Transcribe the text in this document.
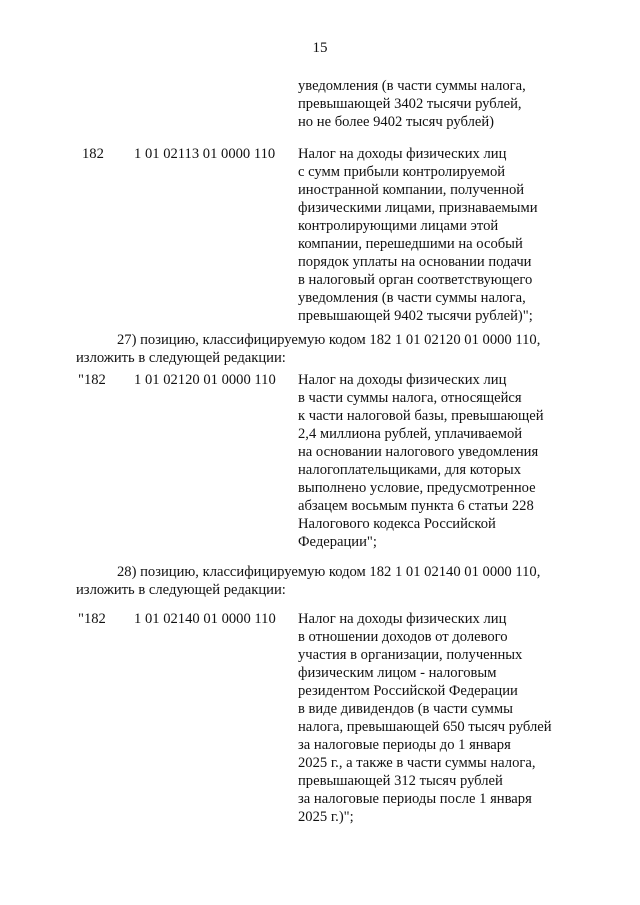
15
уведомления (в части суммы налога,
превышающей 3402 тысячи рублей,
но не более 9402 тысяч рублей)
182 1 01 02113 01 0000 110 Налог на доходы физических лиц
с сумм прибыли контролируемой
иностранной компании, полученной
физическими лицами, признаваемыми
контролирующими лицами этой
компании, перешедшими на особый
порядок уплаты на основании подачи
в налоговый орган соответствующего
уведомления (в части суммы налога,
превышающей 9402 тысячи рублей)";
27) позицию, классифицируемую кодом 182 1 01 02120 01 0000 110,
изложить в следующей редакции:
"182 1 01 02120 01 0000 110 Налог на доходы физических лиц
в части суммы налога, относящейся
к части налоговой базы, превышающей
2,4 миллиона рублей, уплачиваемой
на основании налогового уведомления
налогоплательщиками, для которых
выполнено условие, предусмотренное
абзацем восьмым пункта 6 статьи 228
Налогового кодекса Российской
Федерации";
28) позицию, классифицируемую кодом 182 1 01 02140 01 0000 110,
изложить в следующей редакции:
"182 1 01 02140 01 0000 110 Налог на доходы физических лиц
в отношении доходов от долевого
участия в организации, полученных
физическим лицом - налоговым
резидентом Российской Федерации
в виде дивидендов (в части суммы
налога, превышающей 650 тысяч рублей
за налоговые периоды до 1 января
2025 г., а также в части суммы налога,
превышающей 312 тысяч рублей
за налоговые периоды после 1 января
2025 г.)";
